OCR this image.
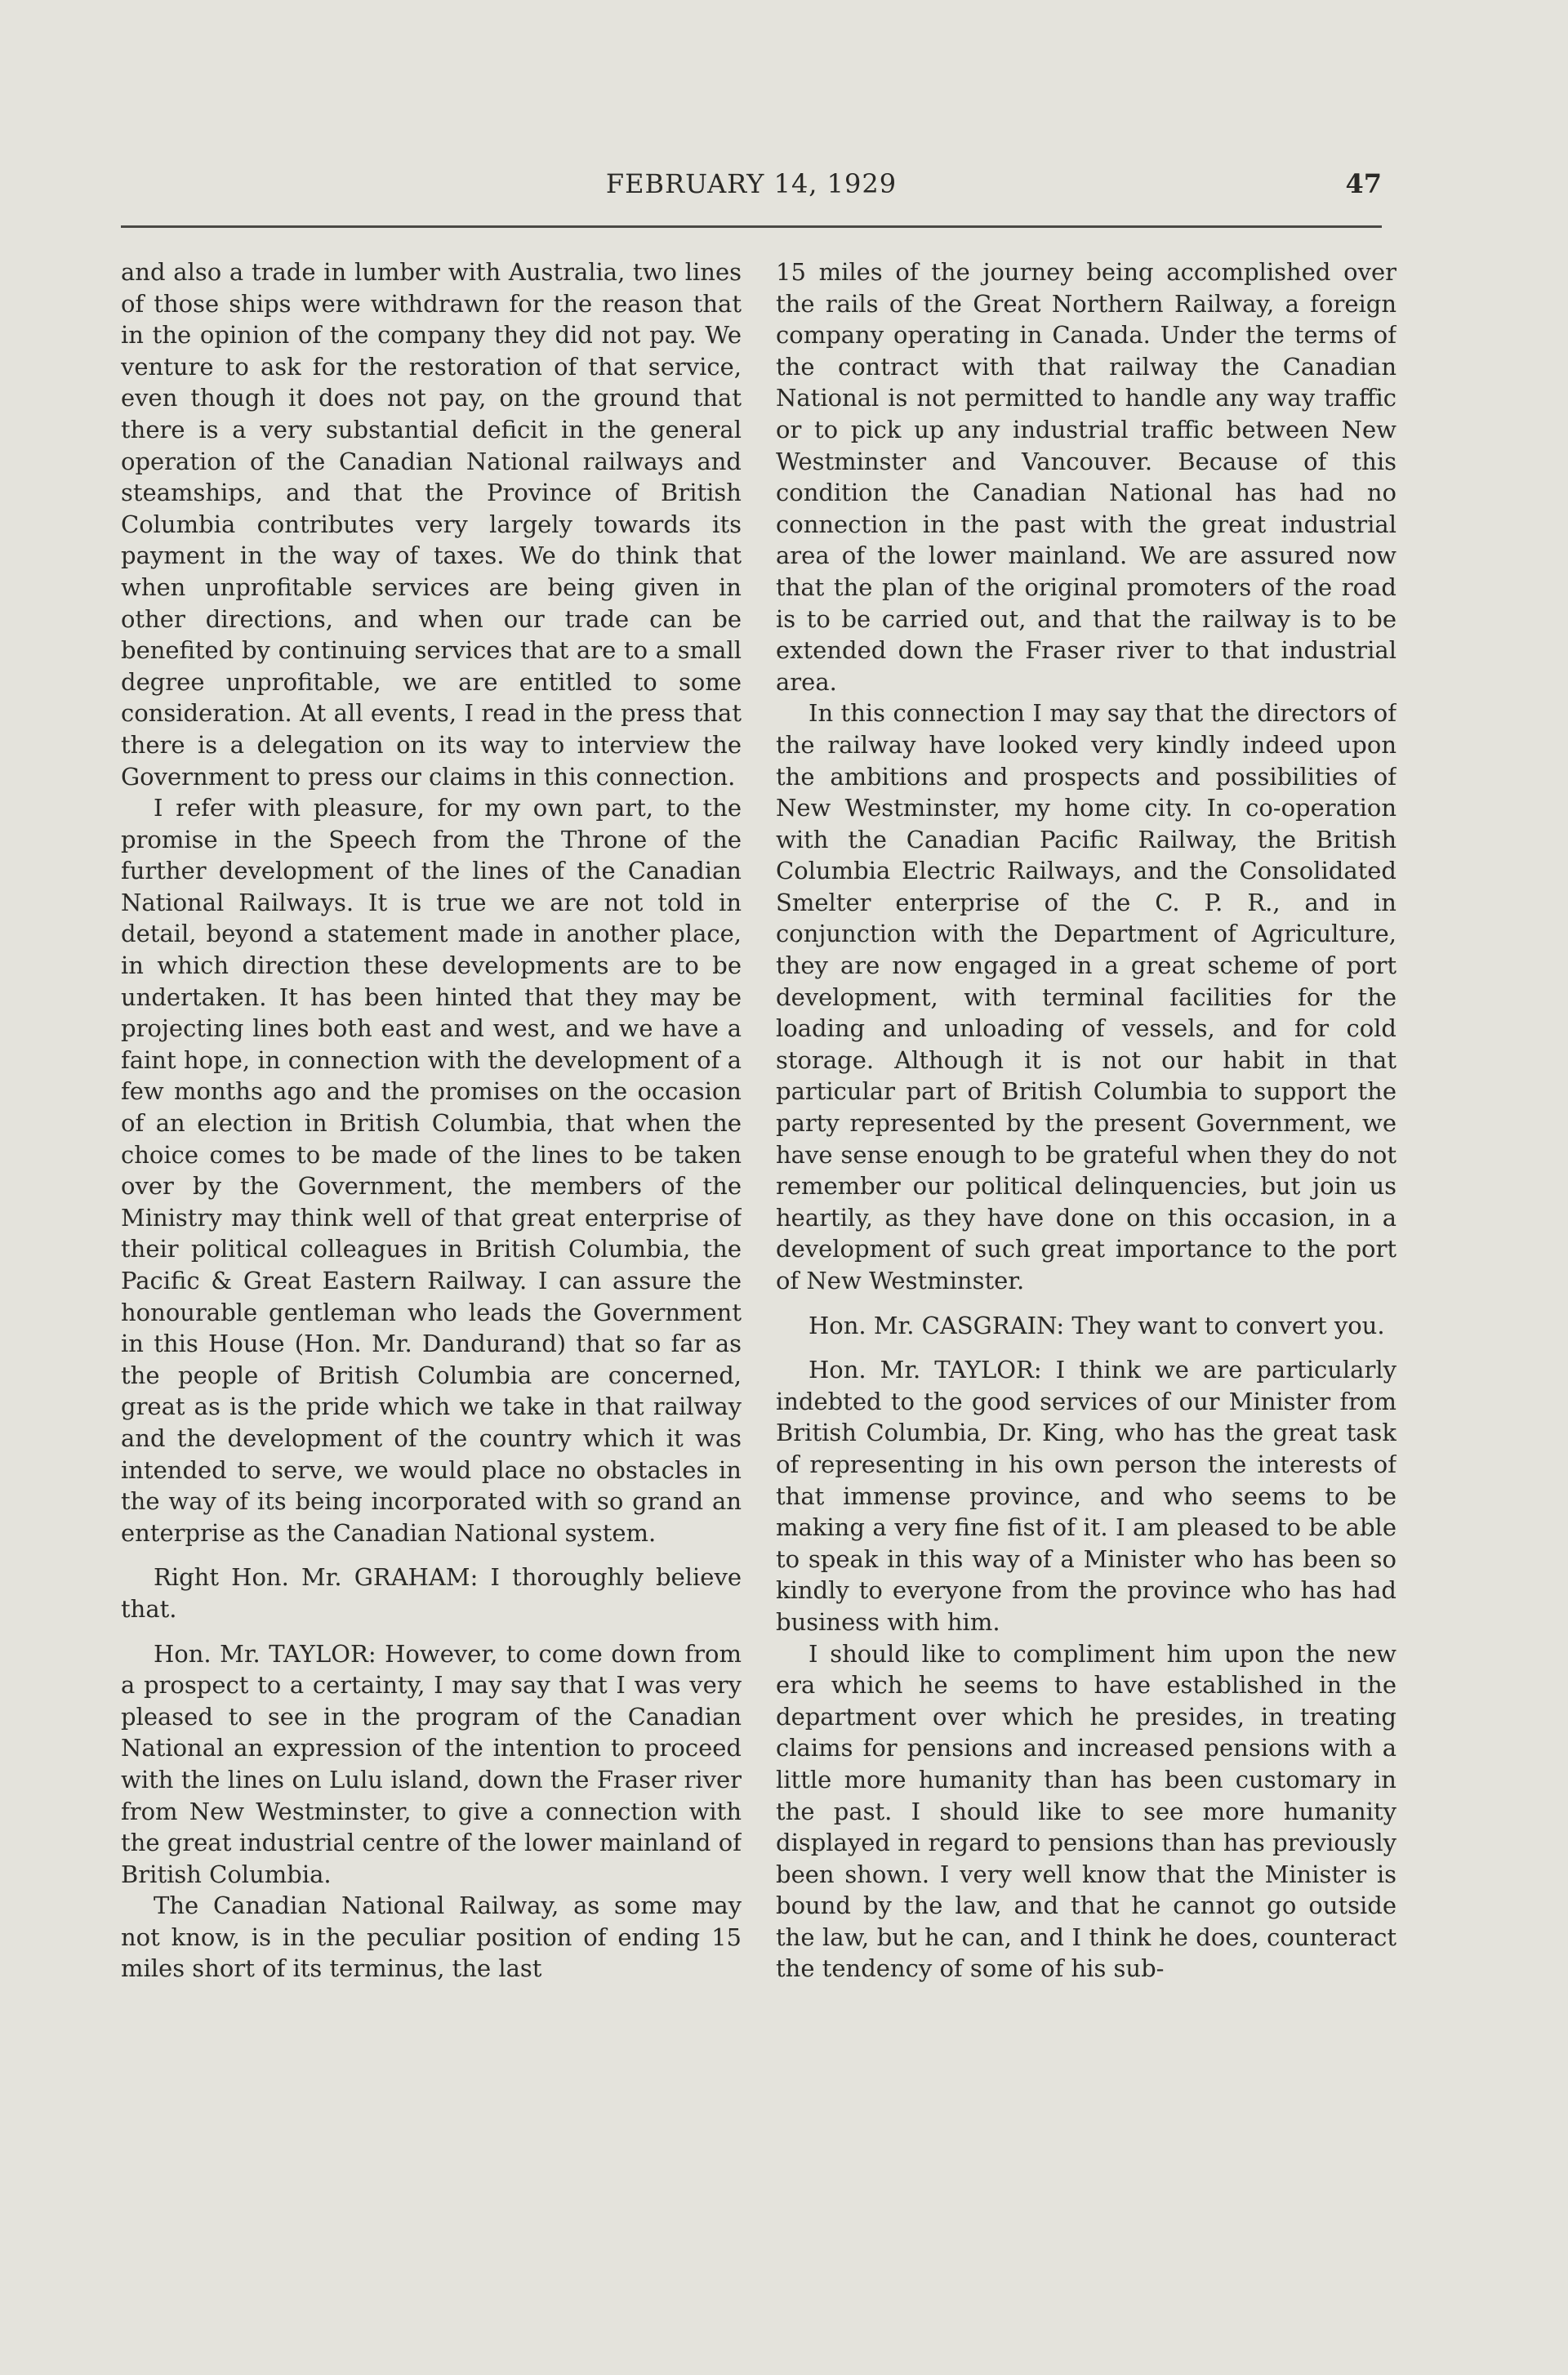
FEBRUARY 14, 1929	47

and also a trade in lumber with Australia, two lines of those ships were withdrawn for the reason that in the opinion of the company they did not pay. We venture to ask for the restoration of that service, even though it does not pay, on the ground that there is a very substantial deficit in the general operation of the Canadian National railways and steamships, and that the Province of British Columbia contributes very largely towards its payment in the way of taxes. We do think that when unprofitable services are being given in other directions, and when our trade can be benefited by continuing services that are to a small degree unprofitable, we are entitled to some consideration. At all events, I read in the press that there is a delegation on its way to interview the Government to press our claims in this connection.

I refer with pleasure, for my own part, to the promise in the Speech from the Throne of the further development of the lines of the Canadian National Railways. It is true we are not told in detail, beyond a statement made in another place, in which direction these developments are to be undertaken. It has been hinted that they may be projecting lines both east and west, and we have a faint hope, in connection with the development of a few months ago and the promises on the occasion of an election in British Columbia, that when the choice comes to be made of the lines to be taken over by the Government, the members of the Ministry may think well of that great enterprise of their political colleagues in British Columbia, the Pacific & Great Eastern Railway. I can assure the honourable gentleman who leads the Government in this House (Hon. Mr. Dandurand) that so far as the people of British Columbia are concerned, great as is the pride which we take in that railway and the development of the country which it was intended to serve, we would place no obstacles in the way of its being incorporated with so grand an enterprise as the Canadian National system.

Right Hon. Mr. GRAHAM: I thoroughly believe that.

Hon. Mr. TAYLOR: However, to come down from a prospect to a certainty, I may say that I was very pleased to see in the program of the Canadian National an expression of the intention to proceed with the lines on Lulu island, down the Fraser river from New Westminster, to give a connection with the great industrial centre of the lower mainland of British Columbia.

The Canadian National Railway, as some may not know, is in the peculiar position of ending 15 miles short of its terminus, the last

15 miles of the journey being accomplished over the rails of the Great Northern Railway, a foreign company operating in Canada. Under the terms of the contract with that railway the Canadian National is not permitted to handle any way traffic or to pick up any industrial traffic between New Westminster and Vancouver. Because of this condition the Canadian National has had no connection in the past with the great industrial area of the lower mainland. We are assured now that the plan of the original promoters of the road is to be carried out, and that the railway is to be extended down the Fraser river to that industrial area.

In this connection I may say that the directors of the railway have looked very kindly indeed upon the ambitions and prospects and possibilities of New Westminster, my home city. In co-operation with the Canadian Pacific Railway, the British Columbia Electric Railways, and the Consolidated Smelter enterprise of the C. P. R., and in conjunction with the Department of Agriculture, they are now engaged in a great scheme of port development, with terminal facilities for the loading and unloading of vessels, and for cold storage. Although it is not our habit in that particular part of British Columbia to support the party represented by the present Government, we have sense enough to be grateful when they do not remember our political delinquencies, but join us heartily, as they have done on this occasion, in a development of such great importance to the port of New Westminster.

Hon. Mr. CASGRAIN: They want to convert you.

Hon. Mr. TAYLOR: I think we are particularly indebted to the good services of our Minister from British Columbia, Dr. King, who has the great task of representing in his own person the interests of that immense province, and who seems to be making a very fine fist of it. I am pleased to be able to speak in this way of a Minister who has been so kindly to everyone from the province who has had business with him.

I should like to compliment him upon the new era which he seems to have established in the department over which he presides, in treating claims for pensions and increased pensions with a little more humanity than has been customary in the past. I should like to see more humanity displayed in regard to pensions than has previously been shown. I very well know that the Minister is bound by the law, and that he cannot go outside the law, but he can, and I think he does, counteract the tendency of some of his sub-
